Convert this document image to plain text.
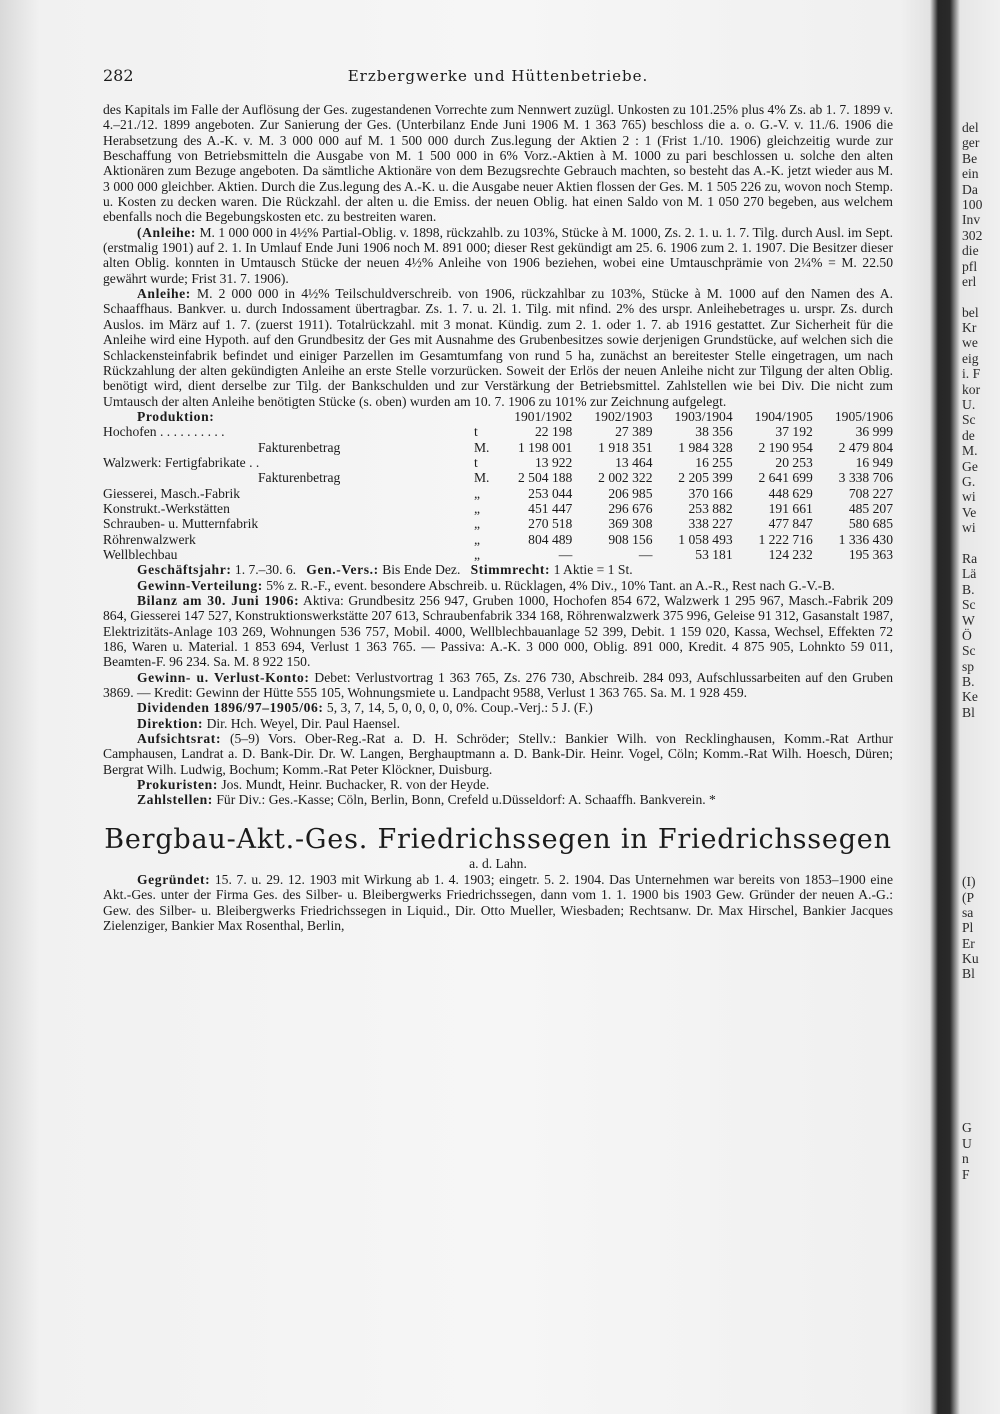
282	Erzbergwerke und Hüttenbetriebe.

des Kapitals im Falle der Auflösung der Ges. zugestandenen Vorrechte zum Nennwert zuzügl. Unkosten zu 101.25% plus 4% Zs. ab 1. 7. 1899 v. 4.–21./12. 1899 angeboten. Zur Sanierung der Ges. (Unterbilanz Ende Juni 1906 M. 1 363 765) beschloss die a. o. G.-V. v. 11./6. 1906 die Herabsetzung des A.-K. v. M. 3 000 000 auf M. 1 500 000 durch Zus.legung der Aktien 2 : 1 (Frist 1./10. 1906) gleichzeitig wurde zur Beschaffung von Betriebsmitteln die Ausgabe von M. 1 500 000 in 6% Vorz.-Aktien à M. 1000 zu pari beschlossen u. solche den alten Aktionären zum Bezuge angeboten. Da sämtliche Aktionäre von dem Bezugsrechte Gebrauch machten, so besteht das A.-K. jetzt wieder aus M. 3 000 000 gleichber. Aktien. Durch die Zus.legung des A.-K. u. die Ausgabe neuer Aktien flossen der Ges. M. 1 505 226 zu, wovon noch Stemp. u. Kosten zu decken waren. Die Rückzahl. der alten u. die Emiss. der neuen Oblig. hat einen Saldo von M. 1 050 270 begeben, aus welchem ebenfalls noch die Begebungskosten etc. zu bestreiten waren.

(Anleihe: M. 1 000 000 in 4½% Partial-Oblig. v. 1898, rückzahlb. zu 103%, Stücke à M. 1000, Zs. 2. 1. u. 1. 7. Tilg. durch Ausl. im Sept. (erstmalig 1901) auf 2. 1. In Umlauf Ende Juni 1906 noch M. 891 000; dieser Rest gekündigt am 25. 6. 1906 zum 2. 1. 1907. Die Besitzer dieser alten Oblig. konnten in Umtausch Stücke der neuen 4½% Anleihe von 1906 beziehen, wobei eine Umtauschprämie von 2¼% = M. 22.50 gewährt wurde; Frist 31. 7. 1906).

Anleihe: M. 2 000 000 in 4½% Teilschuldverschreib. von 1906, rückzahlbar zu 103%, Stücke à M. 1000 auf den Namen des A. Schaaffhaus. Bankver. u. durch Indossament übertragbar. Zs. 1. 7. u. 2l. 1. Tilg. mit nfind. 2% des urspr. Anleihebetrages u. urspr. Zs. durch Auslos. im März auf 1. 7. (zuerst 1911). Totalrückzahl. mit 3 monat. Kündig. zum 2. 1. oder 1. 7. ab 1916 gestattet. Zur Sicherheit für die Anleihe wird eine Hypoth. auf den Grundbesitz der Ges mit Ausnahme des Grubenbesitzes sowie derjenigen Grundstücke, auf welchen sich die Schlackensteinfabrik befindet und einiger Parzellen im Gesamtumfang von rund 5 ha, zunächst an bereitester Stelle eingetragen, um nach Rückzahlung der alten gekündigten Anleihe an erste Stelle vorzurücken. Soweit der Erlös der neuen Anleihe nicht zur Tilgung der alten Oblig. benötigt wird, dient derselbe zur Tilg. der Bankschulden und zur Verstärkung der Betriebsmittel. Zahlstellen wie bei Div. Die nicht zum Umtausch der alten Anleihe benötigten Stücke (s. oben) wurden am 10. 7. 1906 zu 101% zur Zeichnung aufgelegt.

Produktion:		1901/1902	1902/1903	1903/1904	1904/1905	1905/1906
Hochofen . . . . . . . . . .	t	22 198	27 389	38 356	37 192	36 999
Fakturenbetrag	M.	1 198 001	1 918 351	1 984 328	2 190 954	2 479 804
Walzwerk: Fertigfabrikate . .	t	13 922	13 464	16 255	20 253	16 949
Fakturenbetrag	M.	2 504 188	2 002 322	2 205 399	2 641 699	3 338 706
Giesserei, Masch.-Fabrik	„	253 044	206 985	370 166	448 629	708 227
Konstrukt.-Werkstätten	„	451 447	296 676	253 882	191 661	485 207
Schrauben- u. Mutternfabrik	„	270 518	369 308	338 227	477 847	580 685
Röhrenwalzwerk	„	804 489	908 156	1 058 493	1 222 716	1 336 430
Wellblechbau	„	—	—	53 181	124 232	195 363

Geschäftsjahr: 1. 7.–30. 6. Gen.-Vers.: Bis Ende Dez. Stimmrecht: 1 Aktie = 1 St.

Gewinn-Verteilung: 5% z. R.-F., event. besondere Abschreib. u. Rücklagen, 4% Div., 10% Tant. an A.-R., Rest nach G.-V.-B.

Bilanz am 30. Juni 1906: Aktiva: Grundbesitz 256 947, Gruben 1000, Hochofen 854 672, Walzwerk 1 295 967, Masch.-Fabrik 209 864, Giesserei 147 527, Konstruktionswerkstätte 207 613, Schraubenfabrik 334 168, Röhrenwalzwerk 375 996, Geleise 91 312, Gasanstalt 1987, Elektrizitäts-Anlage 103 269, Wohnungen 536 757, Mobil. 4000, Wellblechbauanlage 52 399, Debit. 1 159 020, Kassa, Wechsel, Effekten 72 186, Waren u. Material. 1 853 694, Verlust 1 363 765. — Passiva: A.-K. 3 000 000, Oblig. 891 000, Kredit. 4 875 905, Lohnkto 59 011, Beamten-F. 96 234. Sa. M. 8 922 150.

Gewinn- u. Verlust-Konto: Debet: Verlustvortrag 1 363 765, Zs. 276 730, Abschreib. 284 093, Aufschlussarbeiten auf den Gruben 3869. — Kredit: Gewinn der Hütte 555 105, Wohnungsmiete u. Landpacht 9588, Verlust 1 363 765. Sa. M. 1 928 459.

Dividenden 1896/97–1905/06: 5, 3, 7, 14, 5, 0, 0, 0, 0, 0%. Coup.-Verj.: 5 J. (F.)

Direktion: Dir. Hch. Weyel, Dir. Paul Haensel.

Aufsichtsrat: (5–9) Vors. Ober-Reg.-Rat a. D. H. Schröder; Stellv.: Bankier Wilh. von Recklinghausen, Komm.-Rat Arthur Camphausen, Landrat a. D. Bank-Dir. Dr. W. Langen, Berghauptmann a. D. Bank-Dir. Heinr. Vogel, Cöln; Komm.-Rat Wilh. Hoesch, Düren; Bergrat Wilh. Ludwig, Bochum; Komm.-Rat Peter Klöckner, Duisburg.

Prokuristen: Jos. Mundt, Heinr. Buchacker, R. von der Heyde.

Zahlstellen: Für Div.: Ges.-Kasse; Cöln, Berlin, Bonn, Crefeld u.Düsseldorf: A. Schaaffh. Bankverein. *

Bergbau-Akt.-Ges. Friedrichssegen in Friedrichssegen
a. d. Lahn.

Gegründet: 15. 7. u. 29. 12. 1903 mit Wirkung ab 1. 4. 1903; eingetr. 5. 2. 1904. Das Unternehmen war bereits von 1853–1900 eine Akt.-Ges. unter der Firma Ges. des Silber- u. Bleibergwerks Friedrichssegen, dann vom 1. 1. 1900 bis 1903 Gew. Gründer der neuen A.-G.: Gew. des Silber- u. Bleibergwerks Friedrichssegen in Liquid., Dir. Otto Mueller, Wiesbaden; Rechtsanw. Dr. Max Hirschel, Bankier Jacques Zielenziger, Bankier Max Rosenthal, Berlin,

del
ger
Be
ein
Da
100
Inv
302
die
pfl
erl
bel
Kr
we
eig
i. F
kor
U.
Sc
de
M.
Ge
G.
wi
Ve
wi
Ra
Lä
B.
Sc
W
Ö
Sc
sp
B.
Ke
Bl
(I)
(P
sa
Pl
Er
Ku
Bl
G
U
n
F
